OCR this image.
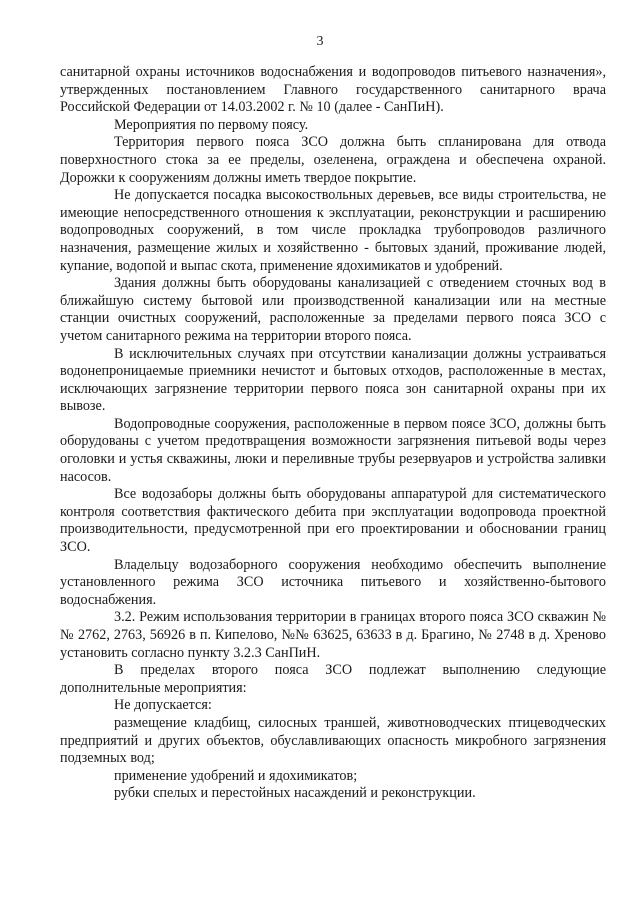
3

санитарной охраны источников водоснабжения и водопроводов питьевого назначения», утвержденных постановлением Главного государственного санитарного врача Российской Федерации от 14.03.2002 г. № 10 (далее - СанПиН).

Мероприятия по первому поясу.

Территория первого пояса ЗСО должна быть спланирована для отвода поверхностного стока за ее пределы, озеленена, ограждена и обеспечена охраной. Дорожки к сооружениям должны иметь твердое покрытие.

Не допускается посадка высокоствольных деревьев, все виды строительства, не имеющие непосредственного отношения к эксплуатации, реконструкции и расширению водопроводных сооружений, в том числе прокладка трубопроводов различного назначения, размещение жилых и хозяйственно - бытовых зданий, проживание людей, купание, водопой и выпас скота, применение ядохимикатов и удобрений.

Здания должны быть оборудованы канализацией с отведением сточных вод в ближайшую систему бытовой или производственной канализации или на местные станции очистных сооружений, расположенные за пределами первого пояса ЗСО с учетом санитарного режима на территории второго пояса.

В исключительных случаях при отсутствии канализации должны устраиваться водонепроницаемые приемники нечистот и бытовых отходов, расположенные в местах, исключающих загрязнение территории первого пояса зон санитарной охраны при их вывозе.

Водопроводные сооружения, расположенные в первом поясе ЗСО, должны быть оборудованы с учетом предотвращения возможности загрязнения питьевой воды через оголовки и устья скважины, люки и переливные трубы резервуаров и устройства заливки насосов.

Все водозаборы должны быть оборудованы аппаратурой для систематического контроля соответствия фактического дебита при эксплуатации водопровода проектной производительности, предусмотренной при его проектировании и обосновании границ ЗСО.

Владельцу водозаборного сооружения необходимо обеспечить выполнение установленного режима ЗСО источника питьевого и хозяйственно-бытового водоснабжения.

3.2. Режим использования территории в границах второго пояса ЗСО скважин №№ 2762, 2763, 56926 в п. Кипелово, №№ 63625, 63633 в д. Брагино, № 2748 в д. Хреново установить согласно пункту 3.2.3 СанПиН.

В пределах второго пояса ЗСО подлежат выполнению следующие дополнительные мероприятия:

Не допускается:

размещение кладбищ, силосных траншей, животноводческих птицеводческих предприятий и других объектов, обуславливающих опасность микробного загрязнения подземных вод;

применение удобрений и ядохимикатов;

рубки спелых и перестойных насаждений и реконструкции.
